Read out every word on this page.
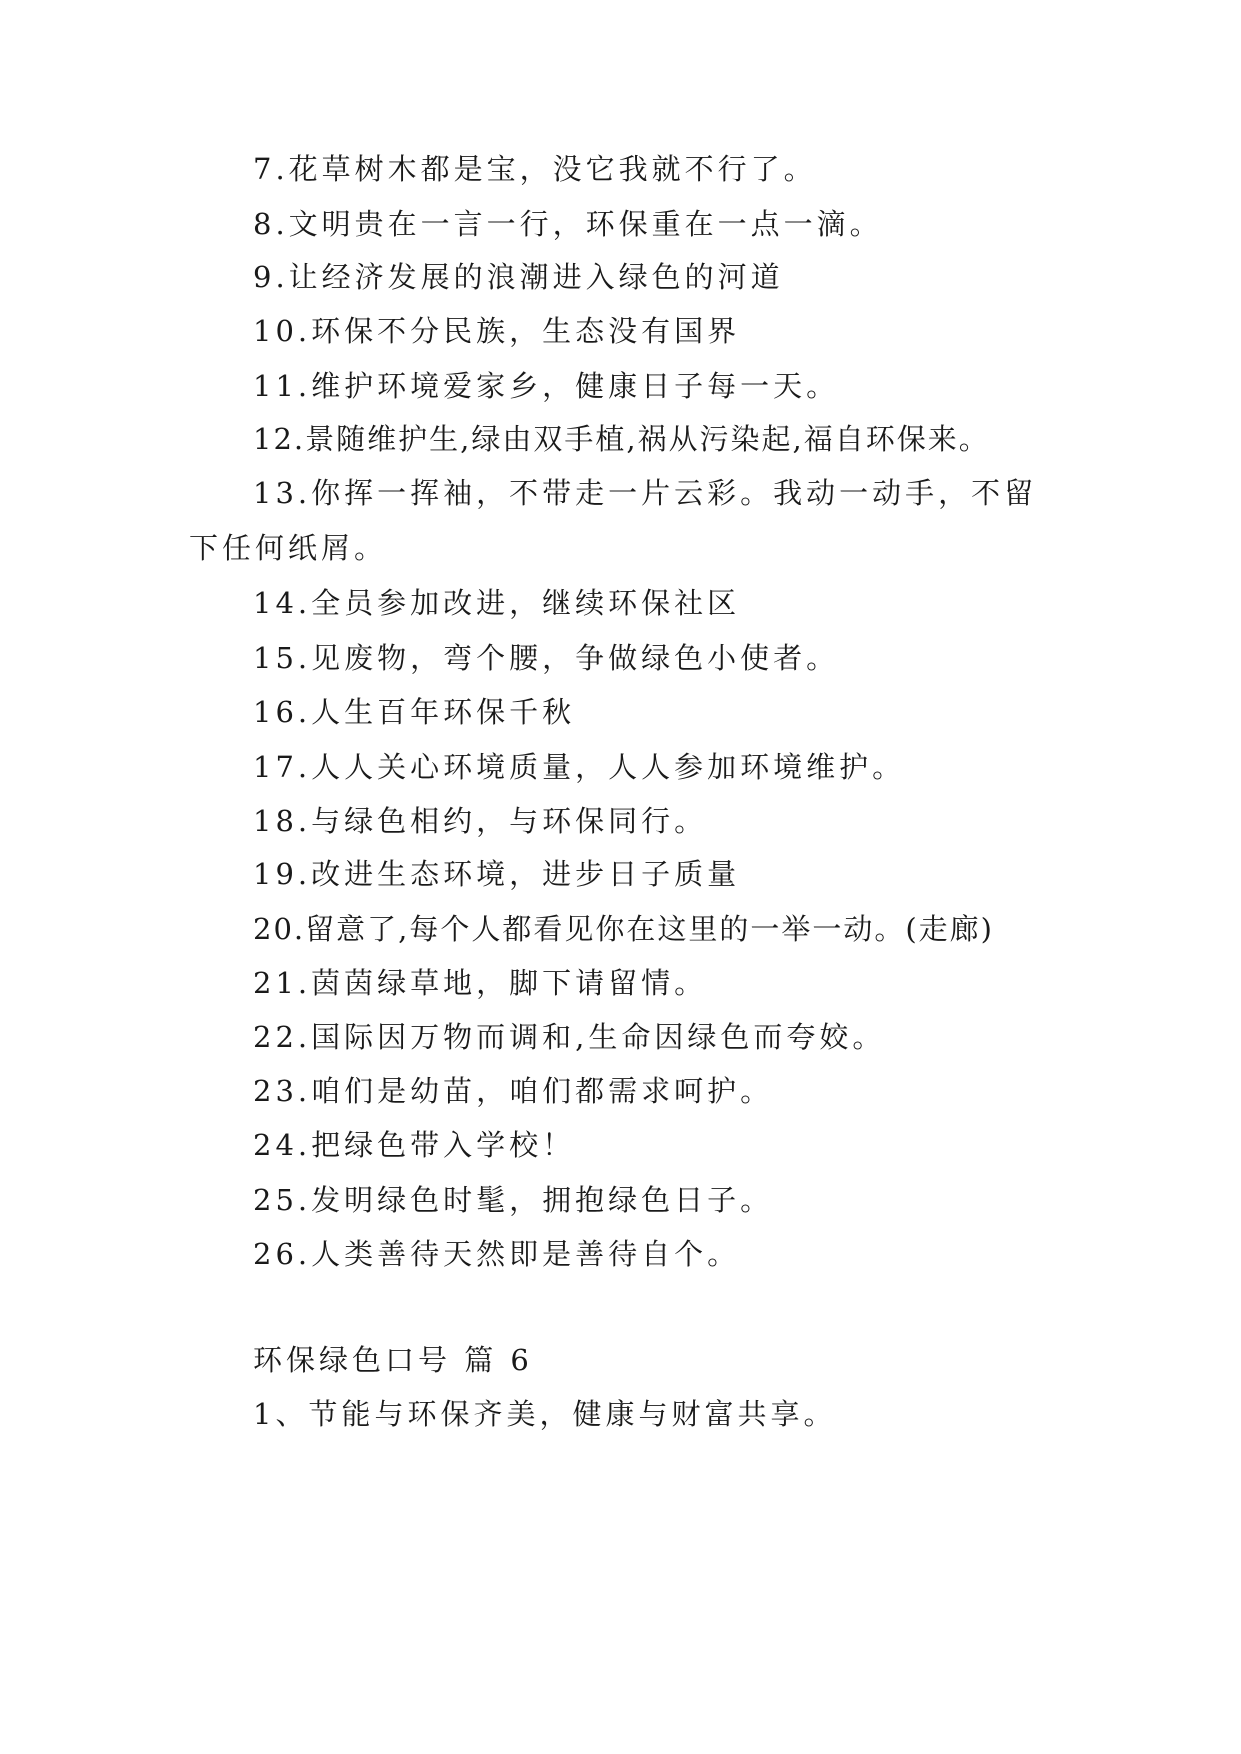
7.花草树木都是宝，没它我就不行了。
8.文明贵在一言一行，环保重在一点一滴。
9.让经济发展的浪潮进入绿色的河道
10.环保不分民族，生态没有国界
11.维护环境爱家乡，健康日子每一天。
12.景随维护生,绿由双手植,祸从污染起,福自环保来。
13.你挥一挥袖，不带走一片云彩。我动一动手，不留
下任何纸屑。
14.全员参加改进，继续环保社区
15.见废物，弯个腰，争做绿色小使者。
16.人生百年环保千秋
17.人人关心环境质量，人人参加环境维护。
18.与绿色相约，与环保同行。
19.改进生态环境，进步日子质量
20.留意了,每个人都看见你在这里的一举一动。(走廊)
21.茵茵绿草地，脚下请留情。
22.国际因万物而调和,生命因绿色而夸姣。
23.咱们是幼苗，咱们都需求呵护。
24.把绿色带入学校！
25.发明绿色时髦，拥抱绿色日子。
26.人类善待天然即是善待自个。
环保绿色口号 篇 6
1、节能与环保齐美，健康与财富共享。
